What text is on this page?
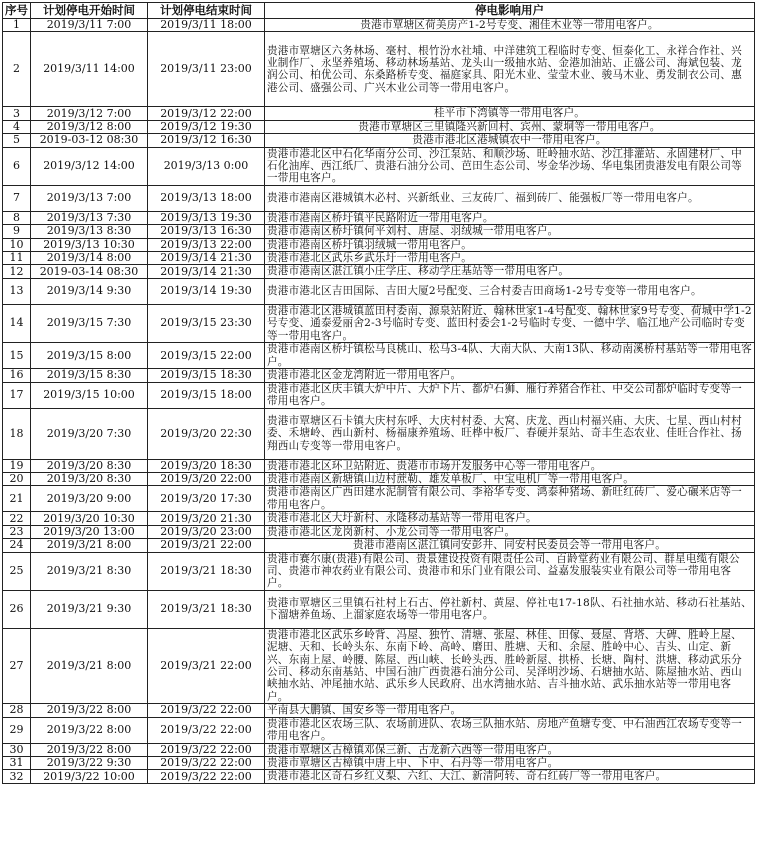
序号	计划停电开始时间	计划停电结束时间	停电影响用户
1	2019/3/11 7:00	2019/3/11 18:00	贵港市覃塘区荷美房产1-2号专变、湘佳木业等一带用电客户。
2	2019/3/11 14:00	2019/3/11 23:00	贵港市覃塘区六务林场、毫村、根竹汾水社埔、中洋建筑工程临时专变、恒泰化工、永祥合作社、兴业制作厂、永坚养殖场、移动林场基站、龙头山一级抽水站、金港加油站、正盛公司、海斌包装、龙润公司、柏优公司、东桑路桥专变、福庭家具、阳光木业、莹莹木业、骏马木业、勇发制衣公司、惠港公司、盛强公司、广兴木业公司等一带用电客户。
3	2019/3/12 7:00	2019/3/12 22:00	桂平市下湾镇等一带用电客户。
4	2019/3/12 8:00	2019/3/12 19:30	贵港市覃塘区三里镇隆兴新回村、宾州、蒙垌等一带用电客户。
5	2019-03-12 08:30	2019/3/12 16:30	贵港市港北区港城镇农中一带用电客户。
6	2019/3/12 14:00	2019/3/13 0:00	贵港市港北区中石化华南分公司、沙江泵站、和顺沙场、旺岭抽水站、沙江排灌站、永固建材厂、中石化油库、西江纸厂、贵港石油分公司、芭田生态公司、岑金华沙场、华电集团贵港发电有限公司等一带用电客户。
7	2019/3/13 7:00	2019/3/13 18:00	贵港市港南区港城镇木必村、兴新纸业、三友砖厂、福到砖厂、能强板厂等一带用电客户。
8	2019/3/13 7:30	2019/3/13 19:30	贵港市港南区桥圩镇平民路附近一带用电客户。
9	2019/3/13 8:30	2019/3/13 16:30	贵港市港南区桥圩镇何平刘村、唐屋、羽绒城一带用电客户。
10	2019/3/13 10:30	2019/3/13 22:00	贵港市港南区桥圩镇羽绒城一带用电客户。
11	2019/3/14 8:00	2019/3/14 21:30	贵港市港北区武乐乡武乐圩一带用电客户。
12	2019-03-14 08:30	2019/3/14 21:30	贵港市港南区湛江镇小庄学庄、移动学庄基站等一带用电客户。
13	2019/3/14 9:30	2019/3/14 19:30	贵港市港北区吉田国际、吉田大厦2号配变、三合村委吉田商场1-2号专变等一带用电客户。
14	2019/3/15 7:30	2019/3/15 23:30	贵港市港北区港城镇蓝田村委南、源泉站附近、翰林世家1-4号配变、翰林世家9号专变、荷城中学1-2号专变、通泰爱丽舍2-3号临时专变、蓝田村委会1-2号临时专变、一德中学、临江地产公司临时专变等一带用电客户。
15	2019/3/15 8:00	2019/3/15 22:00	贵港市港南区桥圩镇松马良桃山、松马3-4队、大南大队、大南13队、移动南溪桥村基站等一带用电客户。
16	2019/3/15 8:30	2019/3/15 18:30	贵港市港北区金龙湾附近一带用电客户。
17	2019/3/15 10:00	2019/3/15 18:00	贵港市港北区庆丰镇大炉中片、大炉下片、都炉石狮、雁行养猪合作社、中交公司都炉临时专变等一带用电客户。
18	2019/3/20 7:30	2019/3/20 22:30	贵港市覃塘区石卡镇大庆村东呼、大庆村村委、大窝、庆龙、西山村福兴庙、大庆、七星、西山村村委、禾塘岭、西山新村、杨福康养殖场、旺桦中板厂、春硬并泵站、奇丰生态农业、佳旺合作社、扬翔西山专变等一带用电客户。
19	2019/3/20 8:30	2019/3/20 18:30	贵港市港北区环卫站附近、贵港市市场开发服务中心等一带用电客户。
20	2019/3/20 8:30	2019/3/20 22:00	贵港市港南区新塘镇山边村蔗勒、雄发单板厂、中宝电机厂等一带用电客户。
21	2019/3/20 9:00	2019/3/20 17:30	贵港市港南区广西田建水泥制管有限公司、李裕华专变、鸿泰种猪场、新旺红砖厂、爱心碾米店等一带用电客户。
22	2019/3/20 10:30	2019/3/20 21:30	贵港市港北区大圩新村、永隆移动基站等一带用电客户。
23	2019/3/20 13:00	2019/3/20 23:00	贵港市港北区龙岗新村、小龙公司等一带用电客户。
24	2019/3/21 8:00	2019/3/21 22:00	贵港市港南区湛江镇同安彭井、同安村民委员会等一带用电客户。
25	2019/3/21 8:30	2019/3/21 18:30	贵港市赛尔康(贵港)有限公司、贵景建设投资有限责任公司、百龄堂药业有限公司、群星电缆有限公司、贵港市神农药业有限公司、贵港市和乐门业有限公司、益嘉发服装实业有限公司等一带用电客户。
26	2019/3/21 9:30	2019/3/21 18:30	贵港市覃塘区三里镇石社村上石古、停社新村、黄屋、停社屯17-18队、石社抽水站、移动石社基站、下溜塘养鱼场、上溜家庭农场等一带用电客户。
27	2019/3/21 8:00	2019/3/21 22:00	贵港市港北区武乐乡岭背、冯屋、独竹、清塘、张屋、林佳、田傢、聂屋、背塔、大碑、胜岭上屋、泥塘、天和、长岭头东、东南下岭、高岭、磨田、胜塘、天和、余屋、胜岭中心、吉头、山定、新兴、东南上屋、岭腰、陈屋、西山峡、长岭头西、胜岭新屋、拱桥、长塘、陶村、洪塘、移动武乐分公司、移动东南基站、中国石油广西贵港石油分公司、吴泽明沙场、石塘抽水站、陈屋抽水站、西山峡抽水站、冲尾抽水站、武乐乡人民政府、出水湾抽水站、吉斗抽水站、武乐抽水站等一带用电客户。
28	2019/3/22 8:00	2019/3/22 22:00	平南县大鹏镇、国安乡等一带用电客户。
29	2019/3/22 8:00	2019/3/22 22:00	贵港市港北区农场三队、农场前进队、农场三队抽水站、房地产鱼塘专变、中石油西江农场专变等一带用电客户。
30	2019/3/22 8:00	2019/3/22 22:00	贵港市覃塘区古樟镇邓保三新、古龙新六西等一带用电客户。
31	2019/3/22 9:30	2019/3/22 22:00	贵港市覃塘区古樟镇中唐上中、下中、石丹等一带用电客户。
32	2019/3/22 10:00	2019/3/22 22:00	贵港市港北区奇石乡红义梨、六红、大江、新清阿转、奇石红砖厂等一带用电客户。
